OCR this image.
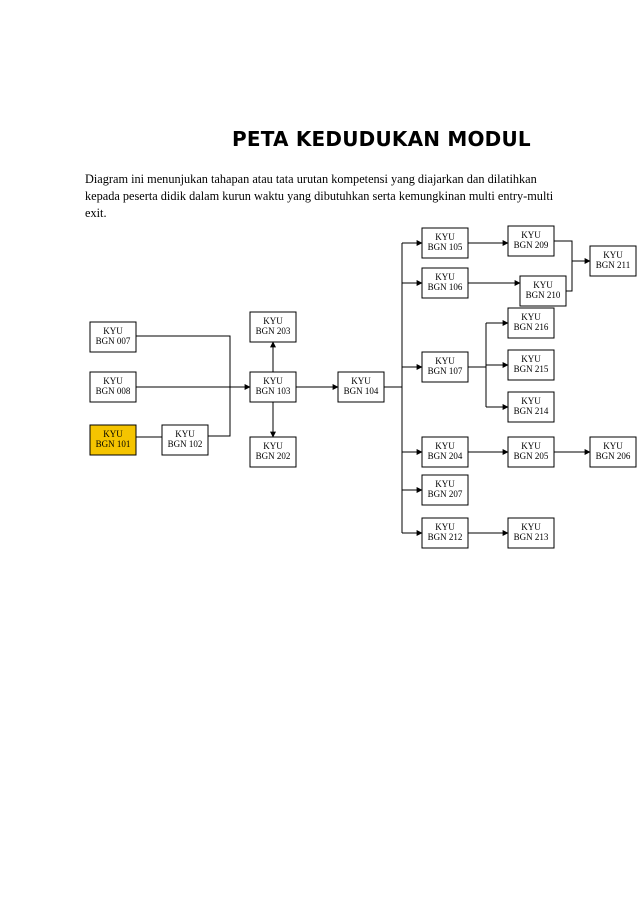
PETA KEDUDUKAN MODUL
Diagram ini menunjukan tahapan atau tata urutan kompetensi yang diajarkan dan dilatihkan kepada peserta didik dalam kurun waktu yang dibutuhkan serta kemungkinan multi entry-multi exit.
KYU
BGN 007
KYU
BGN 008
KYU
BGN 101
KYU
BGN 102
KYU
BGN 203
KYU
BGN 103
KYU
BGN 202
KYU
BGN 104
KYU
BGN 105
KYU
BGN 106
KYU
BGN 107
KYU
BGN 204
KYU
BGN 207
KYU
BGN 212
KYU
BGN 209
KYU
BGN 210
KYU
BGN 211
KYU
BGN 216
KYU
BGN 215
KYU
BGN 214
KYU
BGN 205
KYU
BGN 206
KYU
BGN 213
